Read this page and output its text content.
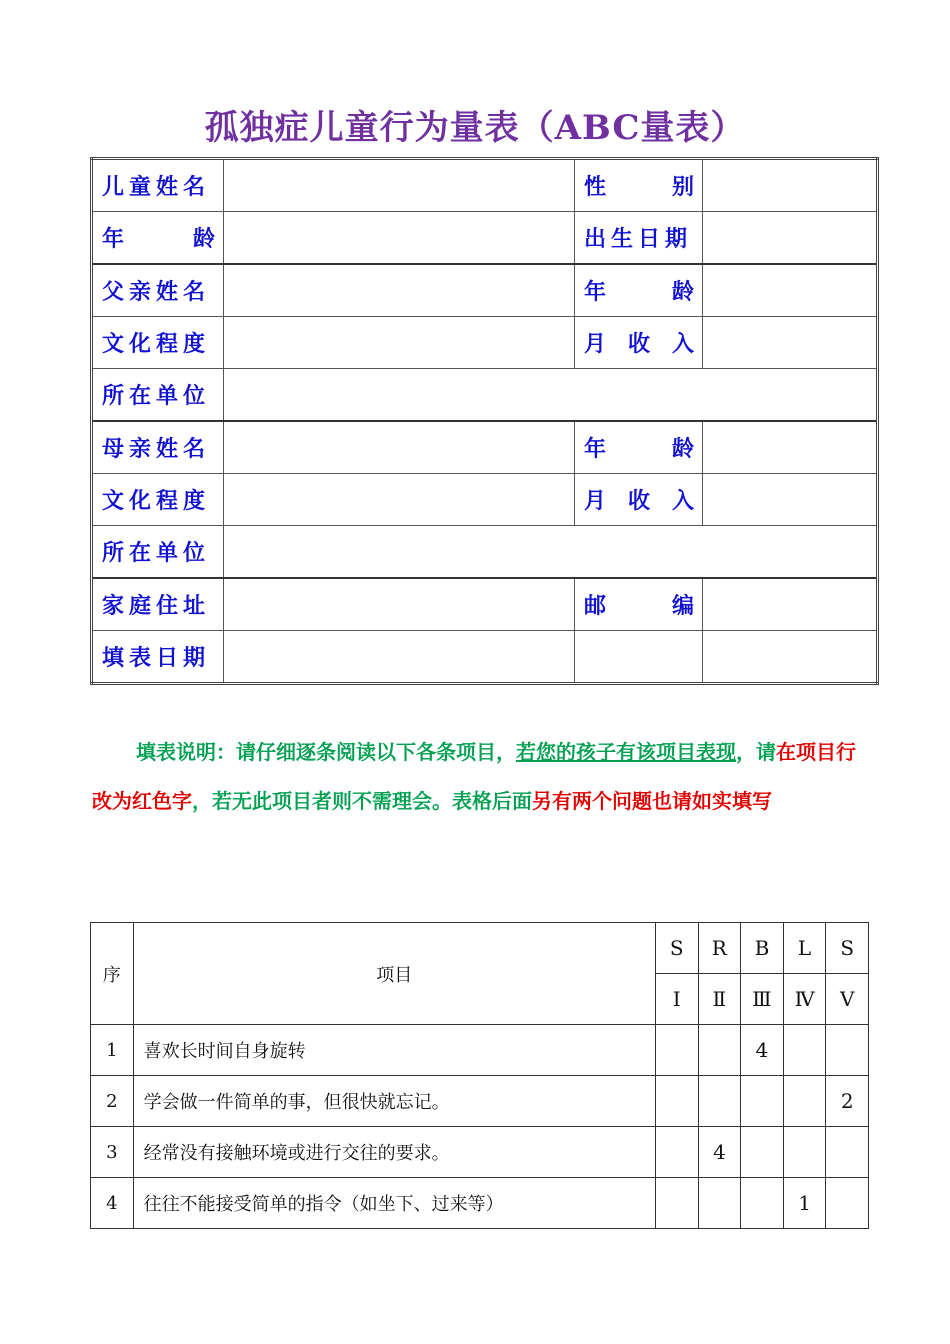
孤独症儿童行为量表（ABC量表）
儿童姓名		性 别	

年 龄		出生日期	
父亲姓名		年 龄	

文化程度		月 收 入	

所在单位			
母亲姓名		年 龄	

文化程度		月 收 入	

所在单位			
家庭住址		邮 编	

填表日期			
填表说明：请仔细逐条阅读以下各条项目，若您的孩子有该项目表现，请在项目行改为红色字，若无此项目者则不需理会。表格后面另有两个问题也请如实填写
序	项目	S	R	B	L	S
		Ⅰ	Ⅱ	Ⅲ	Ⅳ	Ⅴ
1	喜欢长时间自身旋转			4		
2	学会做一件简单的事，但很快就忘记。					2
3	经常没有接触环境或进行交往的要求。		4			
4	往往不能接受简单的指令（如坐下、过来等）				1	
